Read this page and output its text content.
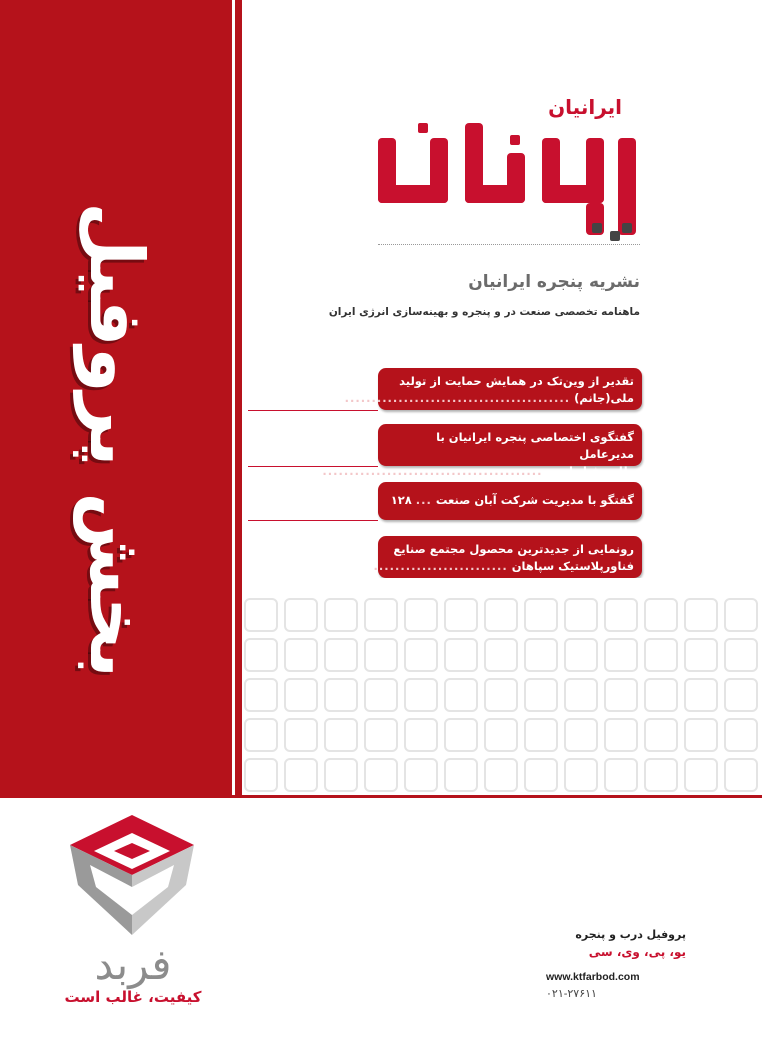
بخش پروفیل
ایرانیان
نشریه پنجره ایرانیان
ماهنامه تخصصی صنعت در و پنجره و بهینه‌سازی انرژی ایران
تقدیر از وین‌تک در همایش حمایت از تولید
ملی(جانم)
..........................................
۱۲۲
گفتگوی اختصاصی پنجره ایرانیان با مدیرعامل
طلیروفیل ارس
.........................................
۱۲۶
گفتگو با مدیریت شرکت آبان صنعت
...
۱۲۸
رونمایی از جدیدترین محصول مجتمع صنایع
فناورپلاستیک سپاهان
.........................
۱۳۰
فربد
کیفیت، غالب است
پروفیل درب و پنجره
یو، پی، وی، سی
www.ktfarbod.com
۰۲۱-۲۷۶۱۱
